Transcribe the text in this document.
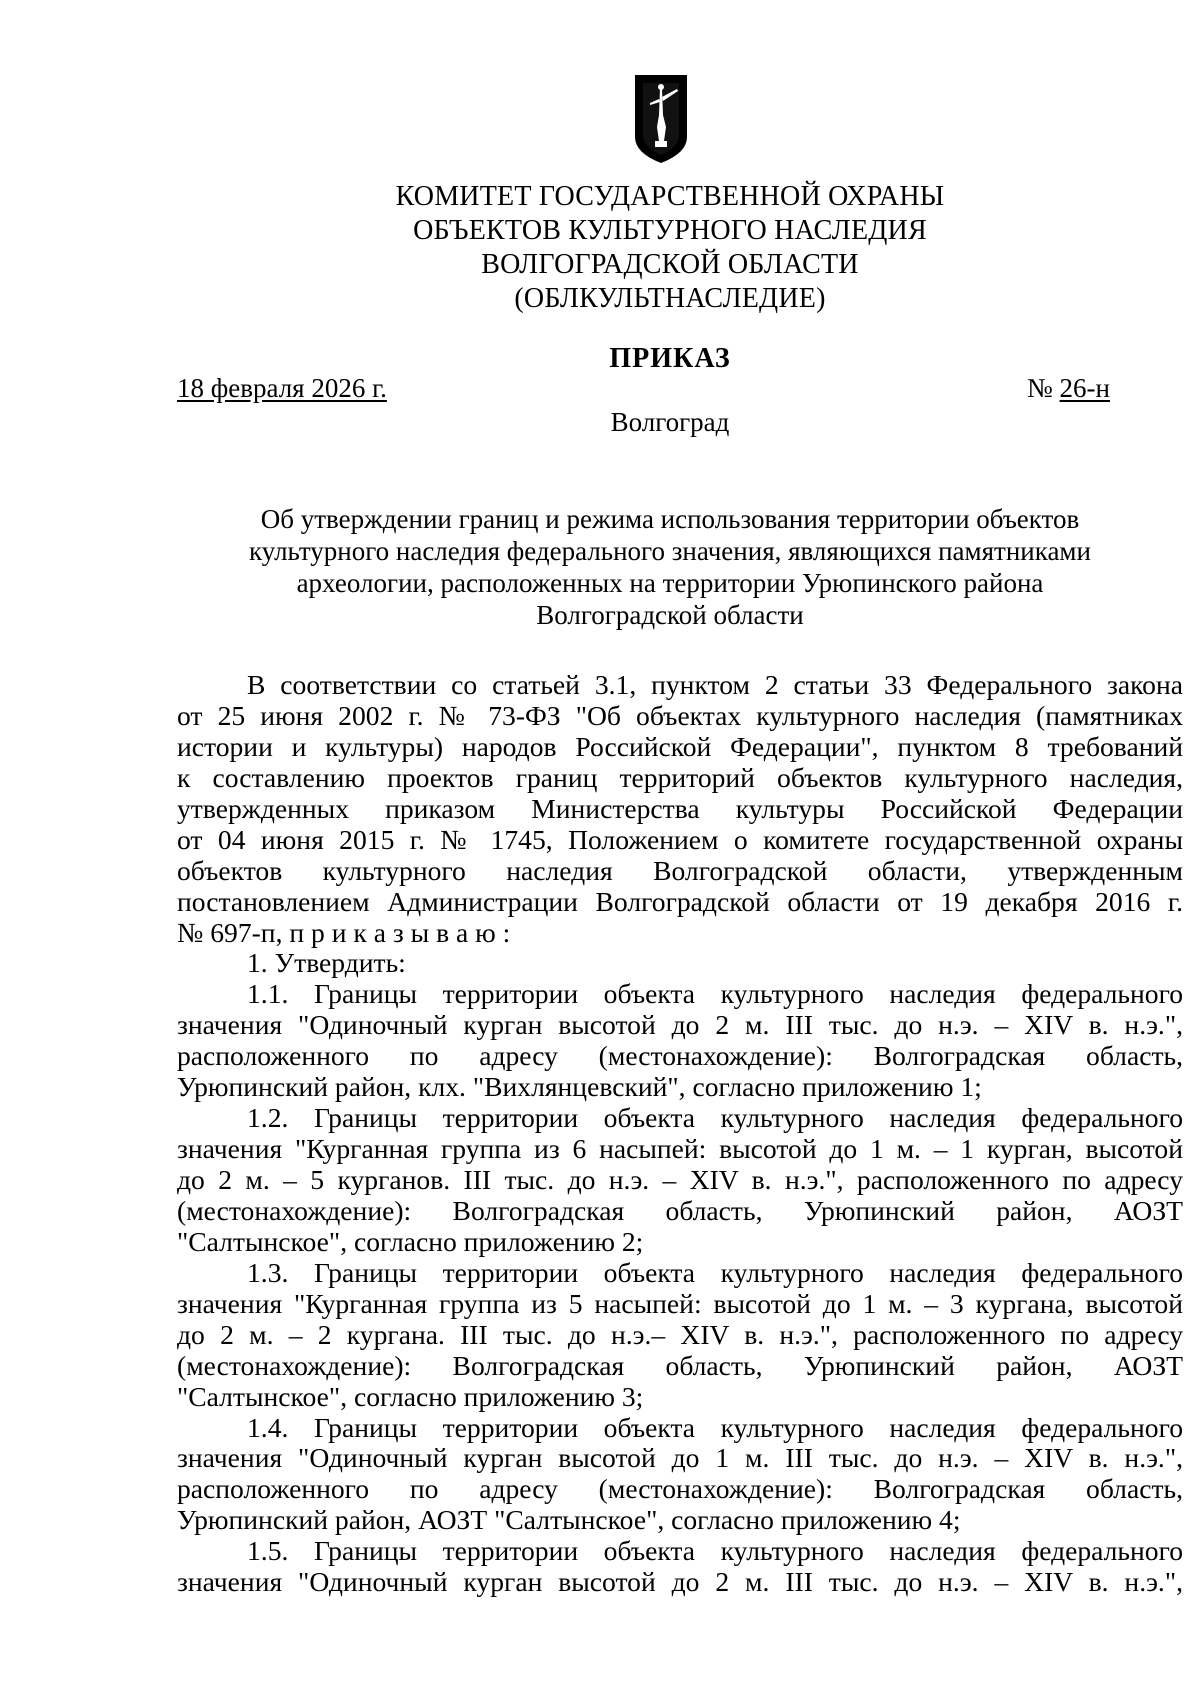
КОМИТЕТ ГОСУДАРСТВЕННОЙ ОХРАНЫ
ОБЪЕКТОВ КУЛЬТУРНОГО НАСЛЕДИЯ
ВОЛГОГРАДСКОЙ ОБЛАСТИ
(ОБЛКУЛЬТНАСЛЕДИЕ)
ПРИКАЗ
18 февраля 2026 г.	№ 26-н
Волгоград
Об утверждении границ и режима использования территории объектов
культурного наследия федерального значения, являющихся памятниками
археологии, расположенных на территории Урюпинского района
Волгоградской области
В соответствии со статьей 3.1, пунктом 2 статьи 33 Федерального закона
от 25 июня 2002 г. № 73-ФЗ "Об объектах культурного наследия (памятниках
истории и культуры) народов Российской Федерации", пунктом 8 требований
к составлению проектов границ территорий объектов культурного наследия,
утвержденных приказом Министерства культуры Российской Федерации
от 04 июня 2015 г. № 1745, Положением о комитете государственной охраны
объектов культурного наследия Волгоградской области, утвержденным
постановлением Администрации Волгоградской области от 19 декабря 2016 г.
№ 697-п, п р и к а з ы в а ю :
1. Утвердить:
1.1. Границы территории объекта культурного наследия федерального
значения "Одиночный курган высотой до 2 м. III тыс. до н.э. – XIV в. н.э.",
расположенного по адресу (местонахождение): Волгоградская область,
Урюпинский район, клх. "Вихлянцевский", согласно приложению 1;
1.2. Границы территории объекта культурного наследия федерального
значения "Курганная группа из 6 насыпей: высотой до 1 м. – 1 курган, высотой
до 2 м. – 5 курганов. III тыс. до н.э. – XIV в. н.э.", расположенного по адресу
(местонахождение): Волгоградская область, Урюпинский район, АОЗТ
"Салтынское", согласно приложению 2;
1.3. Границы территории объекта культурного наследия федерального
значения "Курганная группа из 5 насыпей: высотой до 1 м. – 3 кургана, высотой
до 2 м. – 2 кургана. III тыс. до н.э.– XIV в. н.э.", расположенного по адресу
(местонахождение): Волгоградская область, Урюпинский район, АОЗТ
"Салтынское", согласно приложению 3;
1.4. Границы территории объекта культурного наследия федерального
значения "Одиночный курган высотой до 1 м. III тыс. до н.э. – XIV в. н.э.",
расположенного по адресу (местонахождение): Волгоградская область,
Урюпинский район, АОЗТ "Салтынское", согласно приложению 4;
1.5. Границы территории объекта культурного наследия федерального
значения "Одиночный курган высотой до 2 м. III тыс. до н.э. – XIV в. н.э.",
